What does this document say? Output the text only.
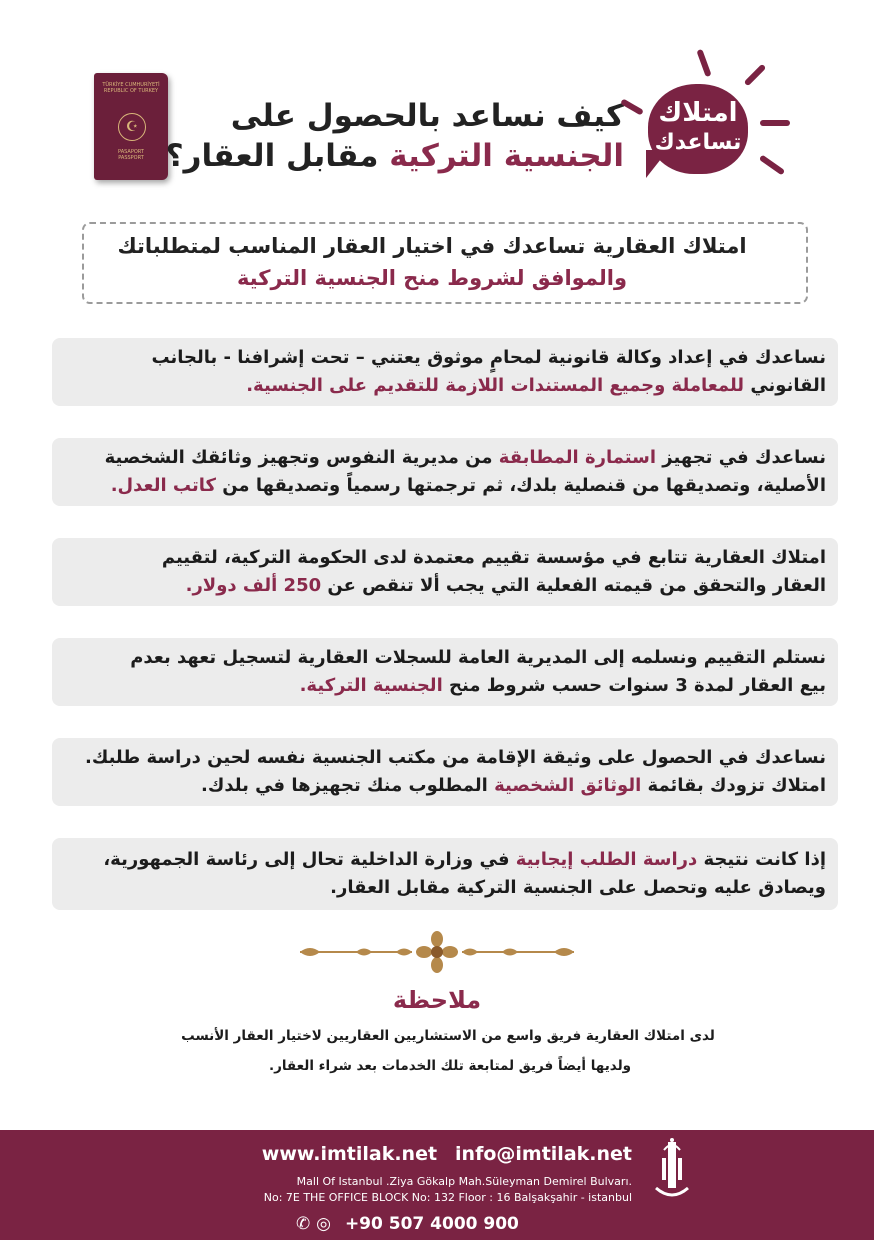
TÜRKİYE CUMHURİYETİ
REPUBLIC OF TURKEY
☪
PASAPORT
PASSPORT
كيف نساعد بالحصول على
الجنسية التركية مقابل العقار؟
امتلاك
تساعدك
امتلاك العقارية تساعدك في اختيار العقار المناسب لمتطلباتك
والموافق لشروط منح الجنسية التركية
نساعدك في إعداد وكالة قانونية لمحامٍ موثوق يعتني – تحت إشرافنا - بالجانب
القانوني للمعاملة وجميع المستندات اللازمة للتقديم على الجنسية.
نساعدك في تجهيز استمارة المطابقة من مديرية النفوس وتجهيز وثائقك الشخصية
الأصلية، وتصديقها من قنصلية بلدك، ثم ترجمتها رسمياً وتصديقها من كاتب العدل.
امتلاك العقارية تتابع في مؤسسة تقييم معتمدة لدى الحكومة التركية، لتقييم
العقار والتحقق من قيمته الفعلية التي يجب ألا تنقص عن 250 ألف دولار.
نستلم التقييم ونسلمه إلى المديرية العامة للسجلات العقارية لتسجيل تعهد بعدم
بيع العقار لمدة 3 سنوات حسب شروط منح الجنسية التركية.
نساعدك في الحصول على وثيقة الإقامة من مكتب الجنسية نفسه لحين دراسة طلبك.
امتلاك تزودك بقائمة الوثائق الشخصية المطلوب منك تجهيزها في بلدك.
إذا كانت نتيجة دراسة الطلب إيجابية في وزارة الداخلية تحال إلى رئاسة الجمهورية،
ويصادق عليه وتحصل على الجنسية التركية مقابل العقار.
ملاحظة
لدى امتلاك العقارية فريق واسع من الاستشاريين العقاريين لاختيار العقار الأنسب
ولديها أيضاً فريق لمتابعة تلك الخدمات بعد شراء العقار.
www.imtilak.net info@imtilak.net
Mall Of Istanbul .Ziya Gökalp Mah.Süleyman Demirel Bulvarı.
No: 7E THE OFFICE BLOCK No: 132 Floor : 16 Balşakşahir - istanbul
✆ ◎ +90 507 4000 900
